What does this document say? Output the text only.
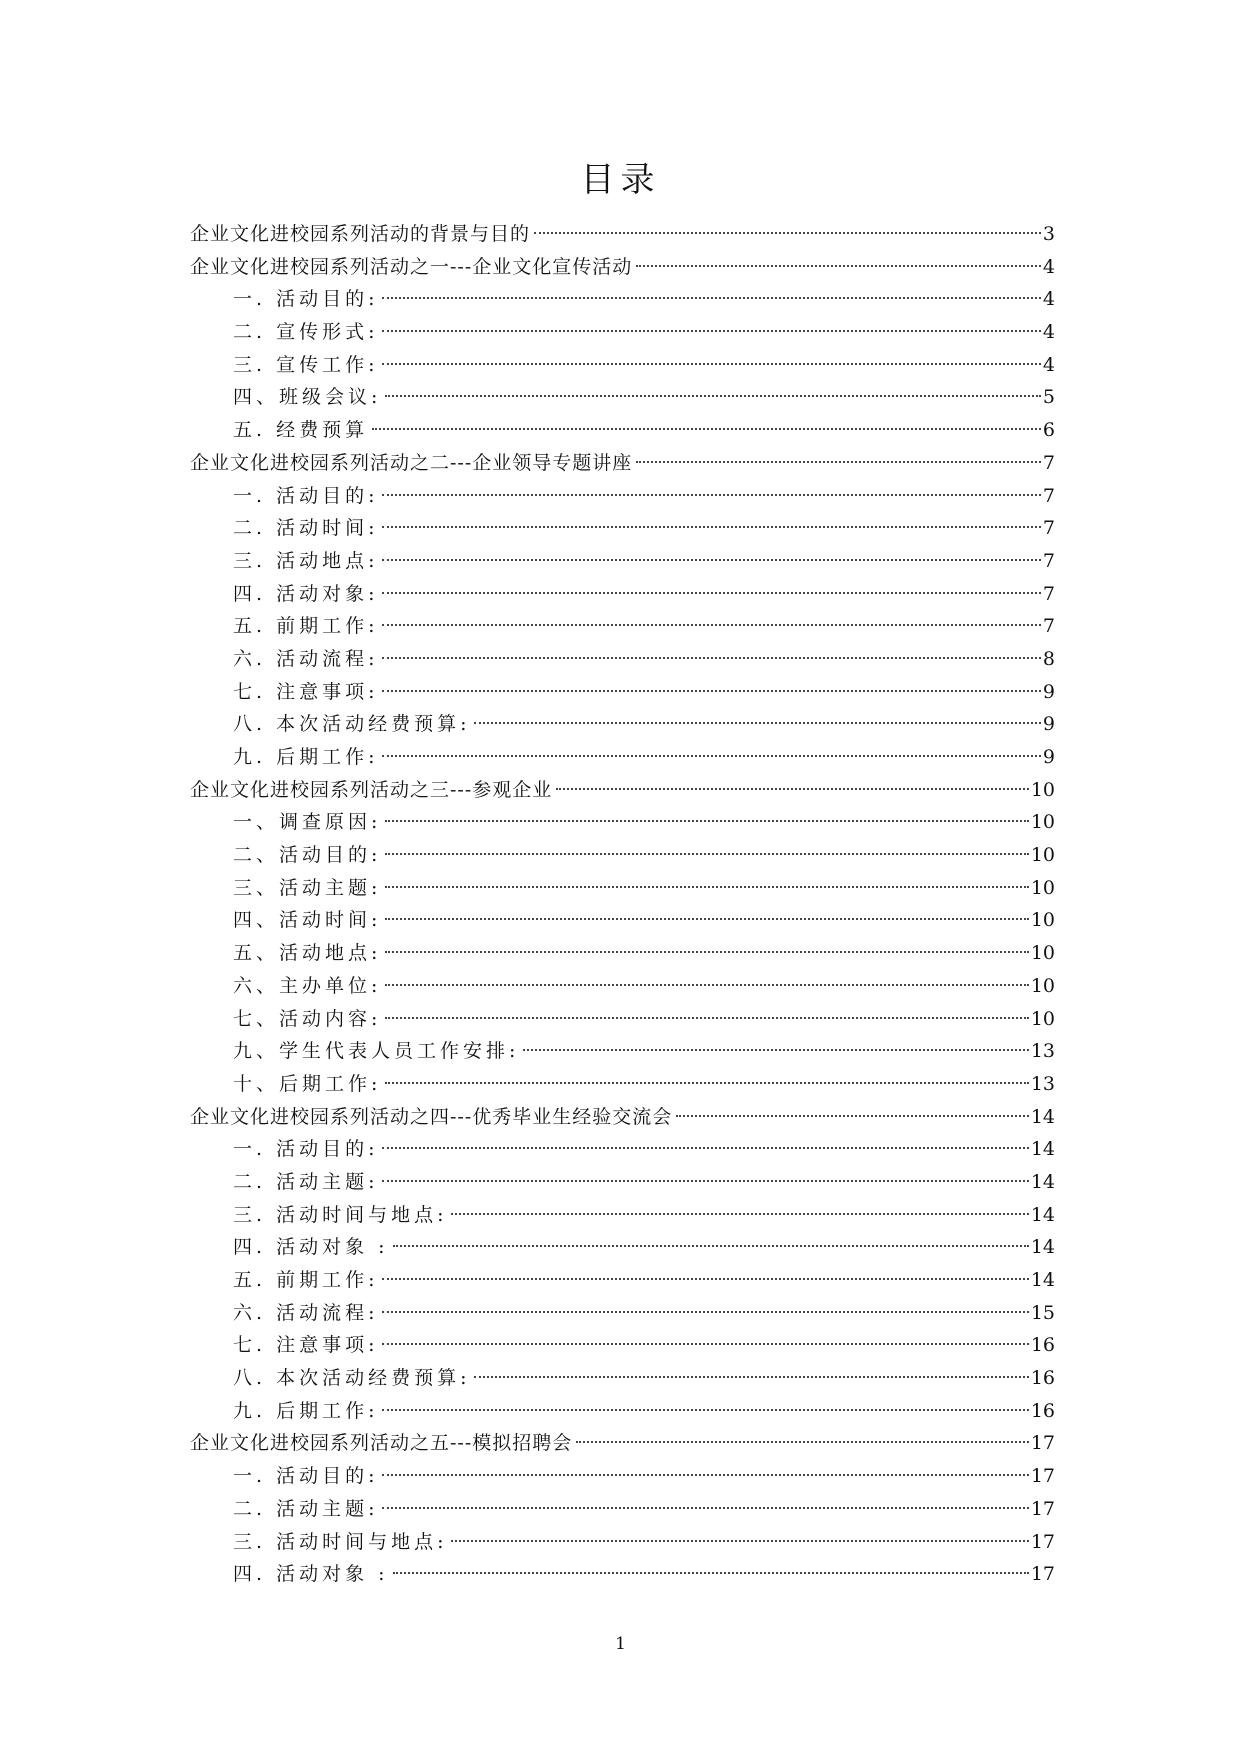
目录
企业文化进校园系列活动的背景与目的	3
企业文化进校园系列活动之一---企业文化宣传活动	4
一. 活动目的:	4
二. 宣传形式:	4
三. 宣传工作:	4
四、班级会议:	5
五. 经费预算	6
企业文化进校园系列活动之二---企业领导专题讲座	7
一. 活动目的:	7
二. 活动时间:	7
三. 活动地点:	7
四. 活动对象:	7
五. 前期工作:	7
六. 活动流程:	8
七. 注意事项:	9
八. 本次活动经费预算:	9
九. 后期工作:	9
企业文化进校园系列活动之三---参观企业	10
一、调查原因:	10
二、活动目的:	10
三、活动主题:	10
四、活动时间:	10
五、活动地点:	10
六、主办单位:	10
七、活动内容:	10
九、学生代表人员工作安排:	13
十、后期工作:	13
企业文化进校园系列活动之四---优秀毕业生经验交流会	14
一. 活动目的:	14
二. 活动主题:	14
三. 活动时间与地点:	14
四. 活动对象 :	14
五. 前期工作:	14
六. 活动流程:	15
七. 注意事项:	16
八. 本次活动经费预算:	16
九. 后期工作:	16
企业文化进校园系列活动之五---模拟招聘会	17
一. 活动目的:	17
二. 活动主题:	17
三. 活动时间与地点:	17
四. 活动对象 :	17
1
